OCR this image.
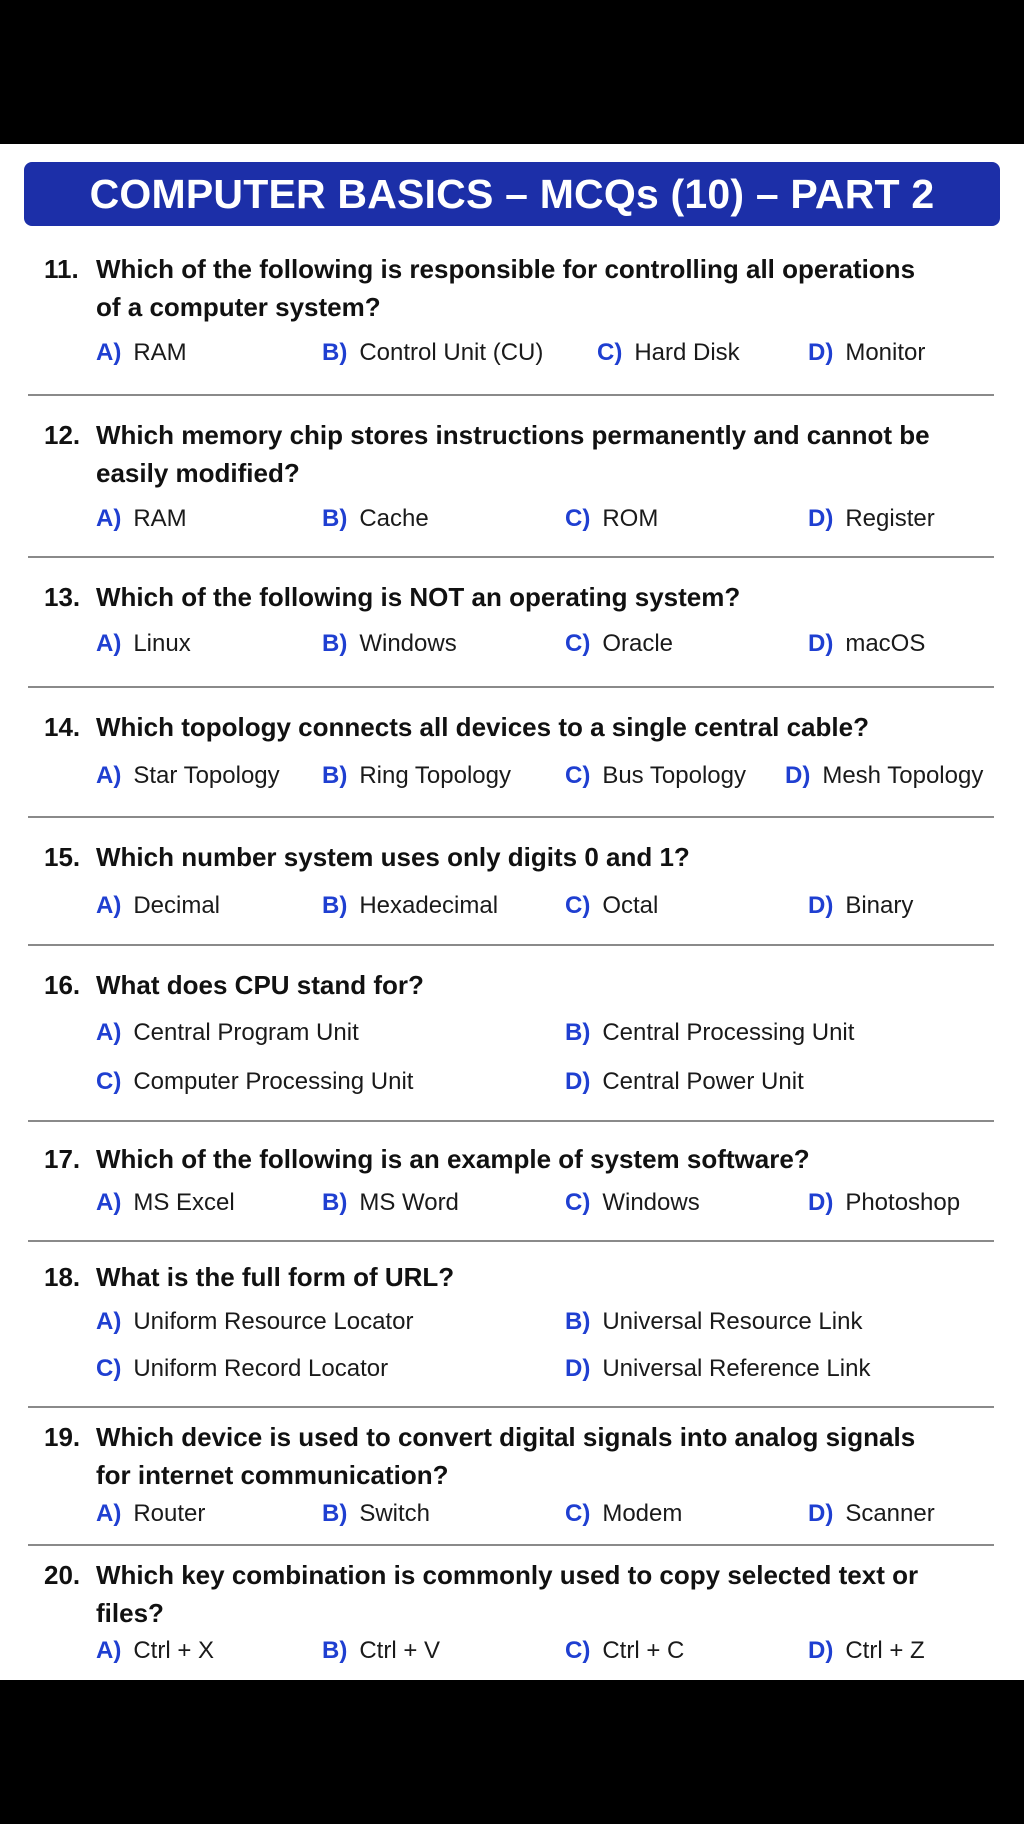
COMPUTER BASICS – MCQs (10) – PART 2
11. Which of the following is responsible for controlling all operations of a computer system?
A) RAM	B) Control Unit (CU) C) Hard Disk	D) Monitor
12. Which memory chip stores instructions permanently and cannot be easily modified?
A) RAM	B) Cache	C) ROM	D) Register
13. Which of the following is NOT an operating system?
A) Linux	B) Windows	C) Oracle	D) macOS
14. Which topology connects all devices to a single central cable?
A) Star Topology B) Ring Topology C) Bus Topology D) Mesh Topology
15. Which number system uses only digits 0 and 1?
A) Decimal	B) Hexadecimal	C) Octal	D) Binary
16. What does CPU stand for?
A) Central Program Unit	B) Central Processing Unit
C) Computer Processing Unit	D) Central Power Unit
17. Which of the following is an example of system software?
A) MS Excel	B) MS Word	C) Windows	D) Photoshop
18. What is the full form of URL?
A) Uniform Resource Locator	B) Universal Resource Link
C) Uniform Record Locator	D) Universal Reference Link
19. Which device is used to convert digital signals into analog signals for internet communication?
A) Router	B) Switch	C) Modem	D) Scanner
20. Which key combination is commonly used to copy selected text or files?
A) Ctrl + X	B) Ctrl + V	C) Ctrl + C	D) Ctrl + Z
